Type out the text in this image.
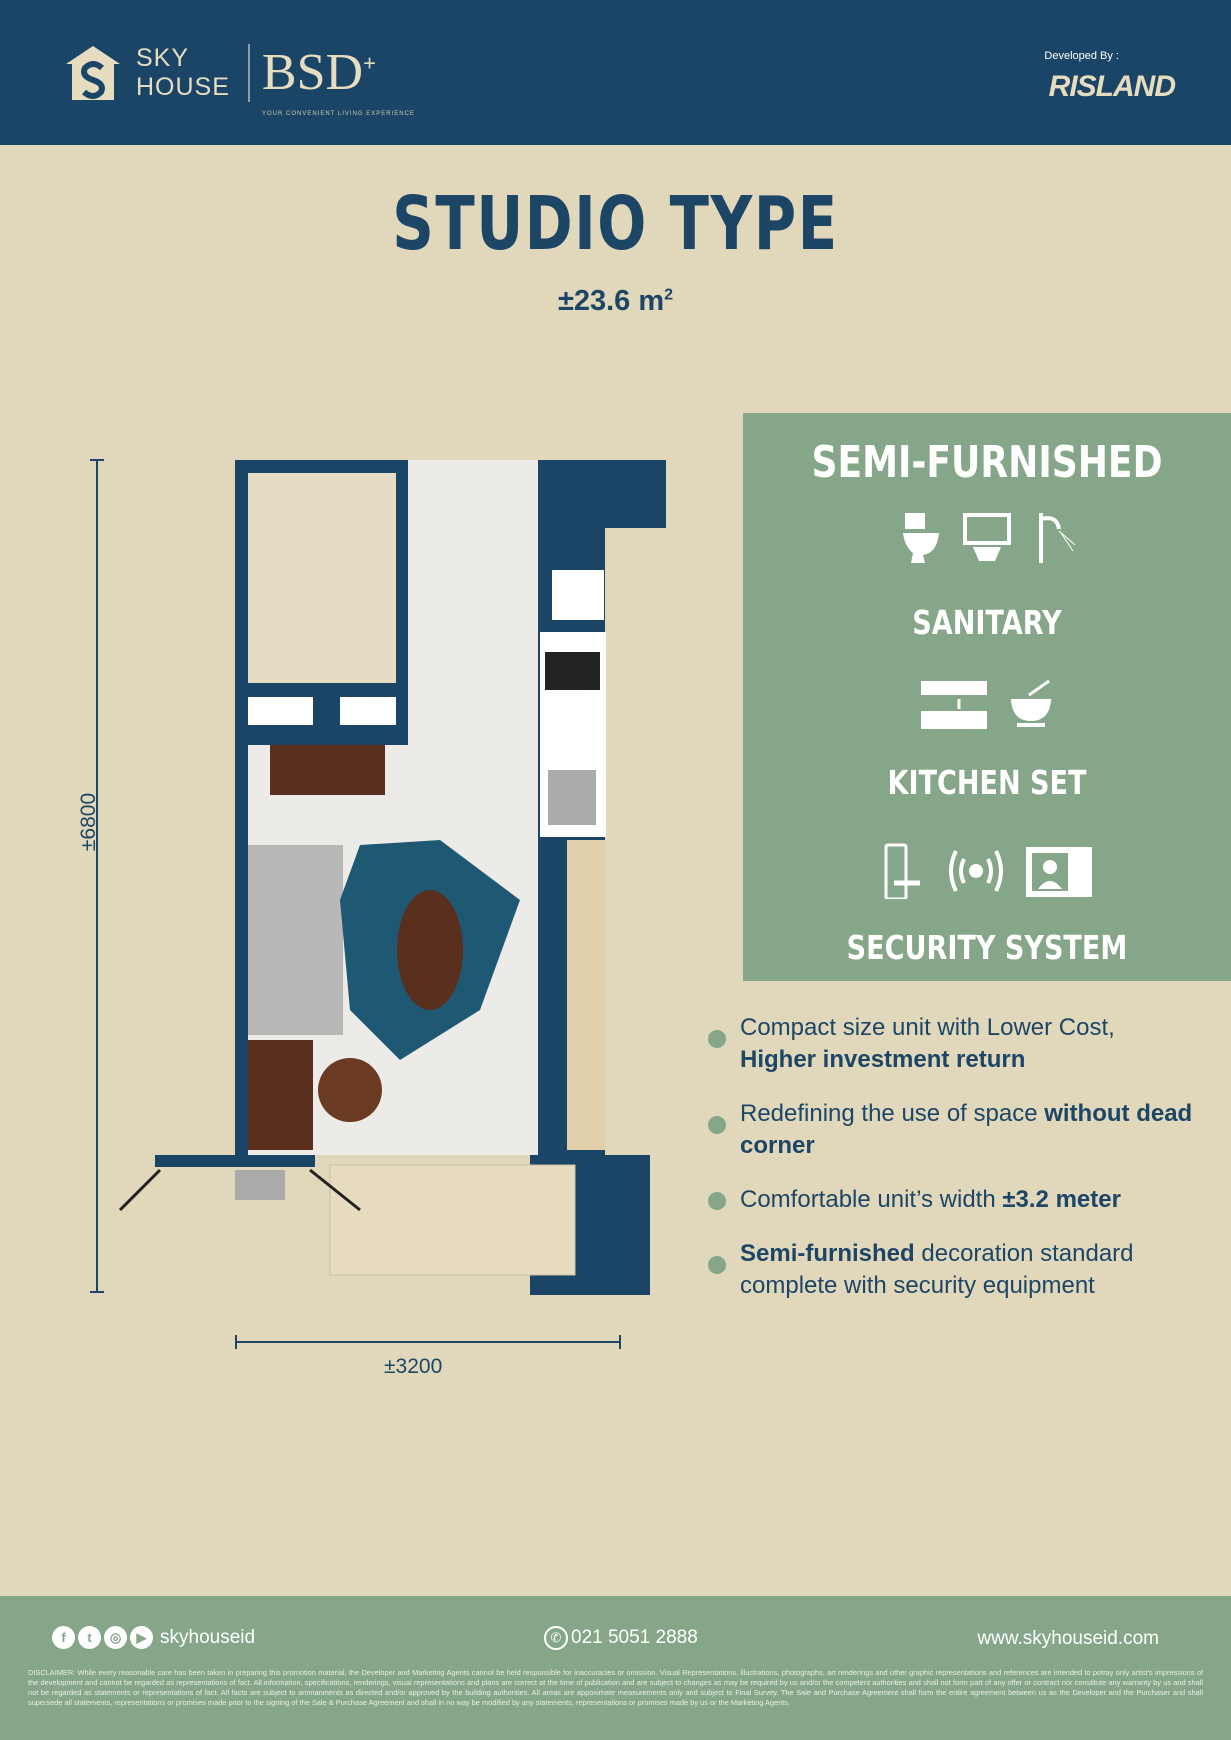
SKY
HOUSE BSD+
YOUR CONVENIENT LIVING EXPERIENCE
Developed By :
RISLAND
STUDIO TYPE
±23.6 $m^2$
±6800
±3200
SEMI-FURNISHED
SANITARY
KITCHEN SET
SECURITY SYSTEM
Compact size unit with Lower Cost,
Higher investment return
Redefining the use of space without dead corner
Comfortable unit’s width ±3.2 meter
Semi-furnished decoration standard complete with security equipment
f	t	◎	▶ skyhouseid	✆ 021 5051 2888	www.skyhouseid.com
DISCLAIMER: While every reasonable care has been taken in preparing this promotion material, the Developer and Marketing Agents cannot be held responsible for inaccuracies or omission. Visual Representations, illustrations, photographs, art renderings and other graphic representations and references are intended to potray only artist's impressions of the development and cannot be regarded as representations of fact. All information, specifications, renderings, visual representations and plans are correct at the time of publication and are subject to changes as may be required by us and/or the competent authorities and shall not form part of any offer or contract nor constitute any warranty by us and shall not be regarded as statements or representations of fact. All facts are subject to ammanments as directed and/or approved by the building authorities. All areas are appoximate measurements only and subject to Final Survey. The Sale and Purchase Agreement shall form the entire agreement between us as the Developer and the Purchaser and shall supersede all statements, representations or promises made prior to the signing of the Sale & Purchase Agreement and shall in no way be modified by any statements, representations or promises made by us or the Marketing Agents.
